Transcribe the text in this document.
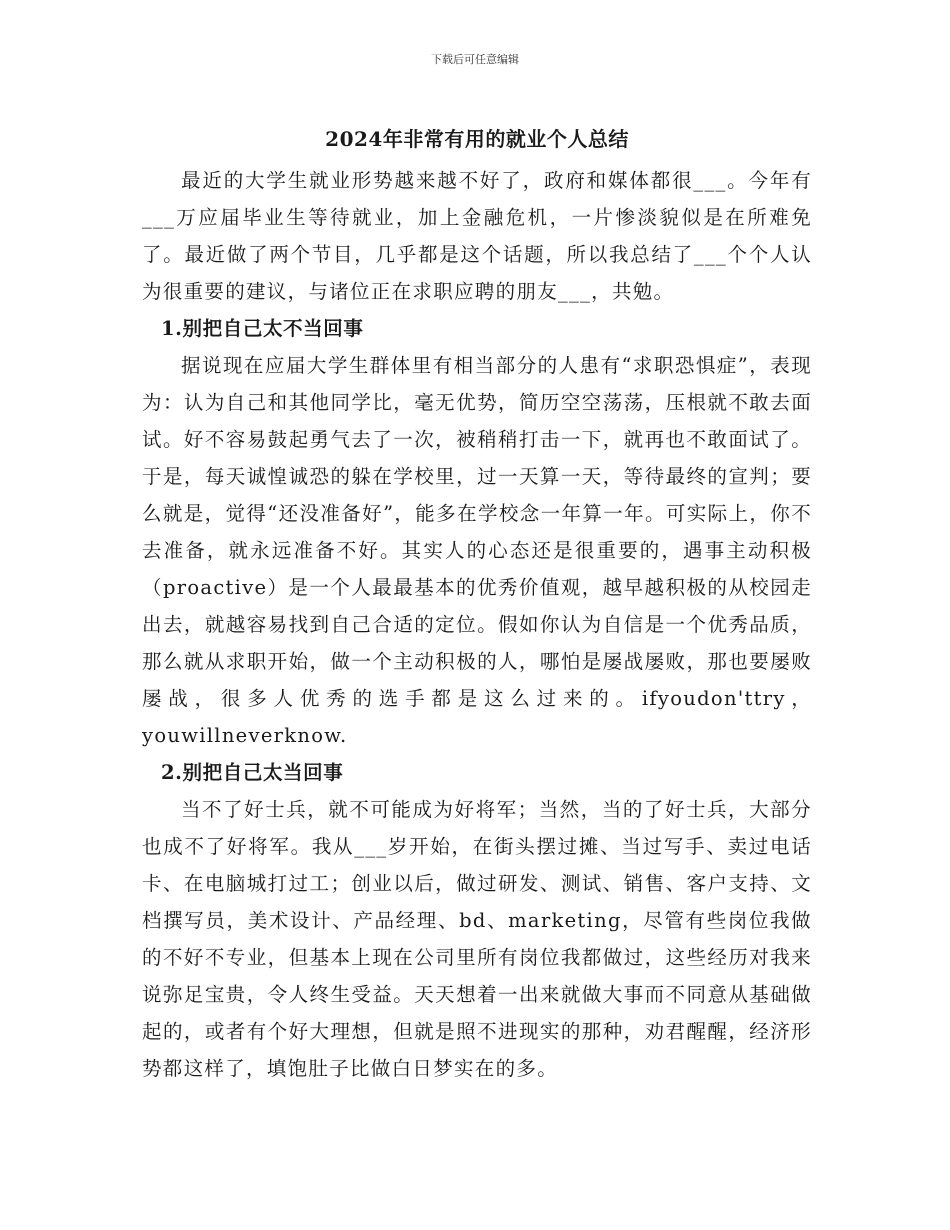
下载后可任意编辑
2024年非常有用的就业个人总结

最近的大学生就业形势越来越不好了，政府和媒体都很___。今年有___万应届毕业生等待就业，加上金融危机，一片惨淡貌似是在所难免了。最近做了两个节目，几乎都是这个话题，所以我总结了___个个人认为很重要的建议，与诸位正在求职应聘的朋友___，共勉。

1.别把自己太不当回事

据说现在应届大学生群体里有相当部分的人患有“求职恐惧症”，表现为：认为自己和其他同学比，毫无优势，简历空空荡荡，压根就不敢去面试。好不容易鼓起勇气去了一次，被稍稍打击一下，就再也不敢面试了。于是，每天诚惶诚恐的躲在学校里，过一天算一天，等待最终的宣判；要么就是，觉得“还没准备好”，能多在学校念一年算一年。可实际上，你不去准备，就永远准备不好。其实人的心态还是很重要的，遇事主动积极（proactive）是一个人最最基本的优秀价值观，越早越积极的从校园走出去，就越容易找到自己合适的定位。假如你认为自信是一个优秀品质，那么就从求职开始，做一个主动积极的人，哪怕是屡战屡败，那也要屡败屡战，很多人优秀的选手都是这么过来的。ifyoudon'ttry，youwillneverknow.

2.别把自己太当回事

当不了好士兵，就不可能成为好将军；当然，当的了好士兵，大部分也成不了好将军。我从___岁开始，在街头摆过摊、当过写手、卖过电话卡、在电脑城打过工；创业以后，做过研发、测试、销售、客户支持、文档撰写员，美术设计、产品经理、bd、marketing，尽管有些岗位我做的不好不专业，但基本上现在公司里所有岗位我都做过，这些经历对我来说弥足宝贵，令人终生受益。天天想着一出来就做大事而不同意从基础做起的，或者有个好大理想，但就是照不进现实的那种，劝君醒醒，经济形势都这样了，填饱肚子比做白日梦实在的多。
